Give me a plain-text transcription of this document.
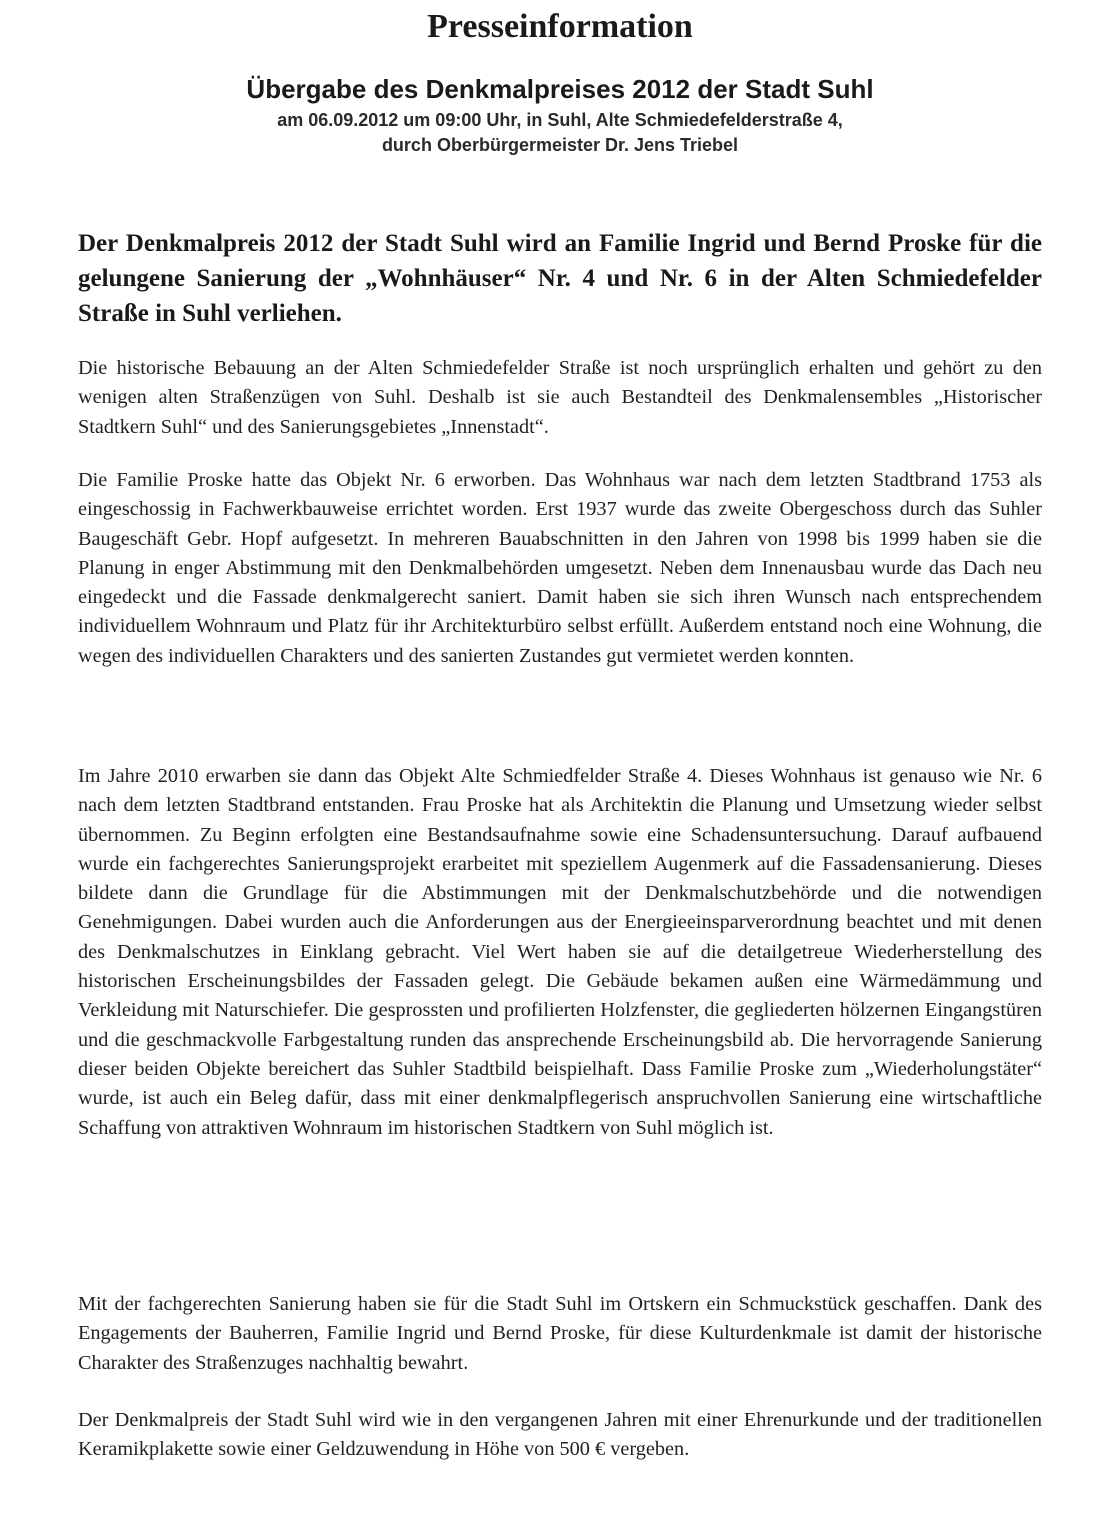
Presseinformation
Übergabe des Denkmalpreises 2012 der Stadt Suhl
am 06.09.2012 um 09:00 Uhr, in Suhl, Alte Schmiedefelderstraße 4,
durch Oberbürgermeister Dr. Jens Triebel

Der Denkmalpreis 2012 der Stadt Suhl wird an Familie Ingrid und Bernd Proske für die gelungene Sanierung der „Wohnhäuser“ Nr. 4 und Nr. 6 in der Alten Schmiedefelder Straße in Suhl verliehen.

Die historische Bebauung an der Alten Schmiedefelder Straße ist noch ursprünglich erhalten und gehört zu den wenigen alten Straßenzügen von Suhl. Deshalb ist sie auch Bestandteil des Denkmalensembles „Historischer Stadtkern Suhl“ und des Sanierungsgebietes „Innenstadt“.

Die Familie Proske hatte das Objekt Nr. 6 erworben. Das Wohnhaus war nach dem letzten Stadtbrand 1753 als eingeschossig in Fachwerkbauweise errichtet worden. Erst 1937 wurde das zweite Obergeschoss durch das Suhler Baugeschäft Gebr. Hopf aufgesetzt. In mehreren Bauabschnitten in den Jahren von 1998 bis 1999 haben sie die Planung in enger Abstimmung mit den Denkmalbehörden umgesetzt. Neben dem Innenausbau wurde das Dach neu eingedeckt und die Fassade denkmalgerecht saniert. Damit haben sie sich ihren Wunsch nach entsprechendem individuellem Wohnraum und Platz für ihr Architekturbüro selbst erfüllt. Außerdem entstand noch eine Wohnung, die wegen des individuellen Charakters und des sanierten Zustandes gut vermietet werden konnten.

Im Jahre 2010 erwarben sie dann das Objekt Alte Schmiedfelder Straße 4. Dieses Wohnhaus ist genauso wie Nr. 6 nach dem letzten Stadtbrand entstanden. Frau Proske hat als Architektin die Planung und Umsetzung wieder selbst übernommen. Zu Beginn erfolgten eine Bestandsaufnahme sowie eine Schadensuntersuchung. Darauf aufbauend wurde ein fachgerechtes Sanierungsprojekt erarbeitet mit speziellem Augenmerk auf die Fassadensanierung. Dieses bildete dann die Grundlage für die Abstimmungen mit der Denkmalschutzbehörde und die notwendigen Genehmigungen. Dabei wurden auch die Anforderungen aus der Energieeinsparverordnung beachtet und mit denen des Denkmalschutzes in Einklang gebracht. Viel Wert haben sie auf die detailgetreue Wiederherstellung des historischen Erscheinungsbildes der Fassaden gelegt. Die Gebäude bekamen außen eine Wärmedämmung und Verkleidung mit Naturschiefer. Die gesprossten und profilierten Holzfenster, die gegliederten hölzernen Eingangstüren und die geschmackvolle Farbgestaltung runden das ansprechende Erscheinungsbild ab. Die hervorragende Sanierung dieser beiden Objekte bereichert das Suhler Stadtbild beispielhaft. Dass Familie Proske zum „Wiederholungstäter“ wurde, ist auch ein Beleg dafür, dass mit einer denkmalpflegerisch anspruchvollen Sanierung eine wirtschaftliche Schaffung von attraktiven Wohnraum im historischen Stadtkern von Suhl möglich ist.

Mit der fachgerechten Sanierung haben sie für die Stadt Suhl im Ortskern ein Schmuckstück geschaffen. Dank des Engagements der Bauherren, Familie Ingrid und Bernd Proske, für diese Kulturdenkmale ist damit der historische Charakter des Straßenzuges nachhaltig bewahrt.

Der Denkmalpreis der Stadt Suhl wird wie in den vergangenen Jahren mit einer Ehrenurkunde und der traditionellen Keramikplakette sowie einer Geldzuwendung in Höhe von 500 € vergeben.
